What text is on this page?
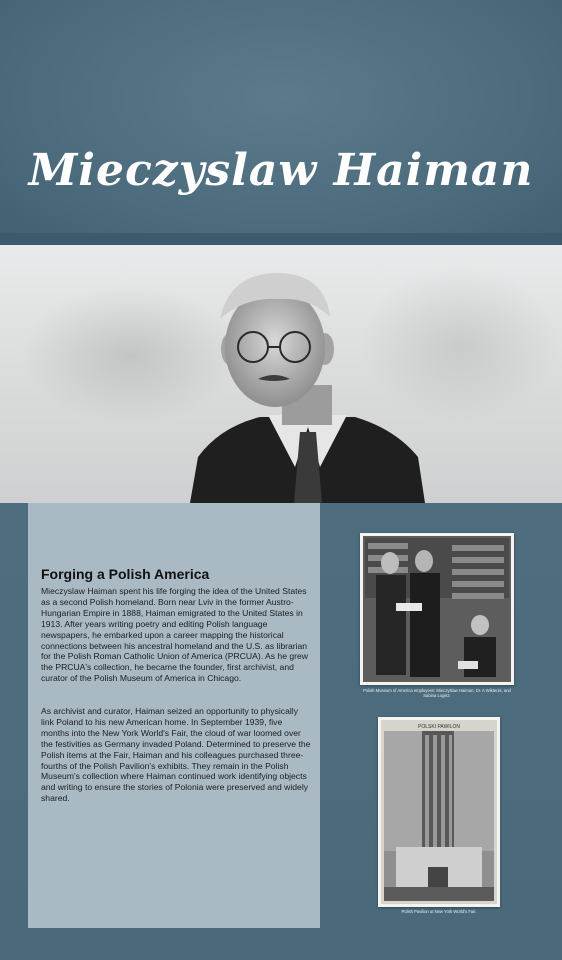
Mieczyslaw Haiman
Forging a Polish America

Mieczyslaw Haiman spent his life forging the idea of the United States as a second Polish homeland. Born near Lviv in the former Austro-Hungarian Empire in 1888, Haiman emigrated to the United States in 1913. After years writing poetry and editing Polish language newspapers, he embarked upon a career mapping the historical connections between his ancestral homeland and the U.S. as librarian for the Polish Roman Catholic Union of America (PRCUA). As he grew the PRCUA's collection, he became the founder, first archivist, and curator of the Polish Museum of America in Chicago.

As archivist and curator, Haiman seized an opportunity to physically link Poland to his new American home. In September 1939, five months into the New York World's Fair, the cloud of war loomed over the festivities as Germany invaded Poland. Determined to preserve the Polish items at the Fair, Haiman and his colleagues purchased three-fourths of the Polish Pavilion's exhibits. They remain in the Polish Museum's collection where Haiman continued work identifying objects and writing to ensure the stories of Polonia were preserved and widely shared.

Polish Museum of America employees: Mieczyslaw Haiman, Dr. A Wiktenis, and Sabina Logisz.

POLSKI PAWILON

Polish Pavilion at New York World's Fair.
